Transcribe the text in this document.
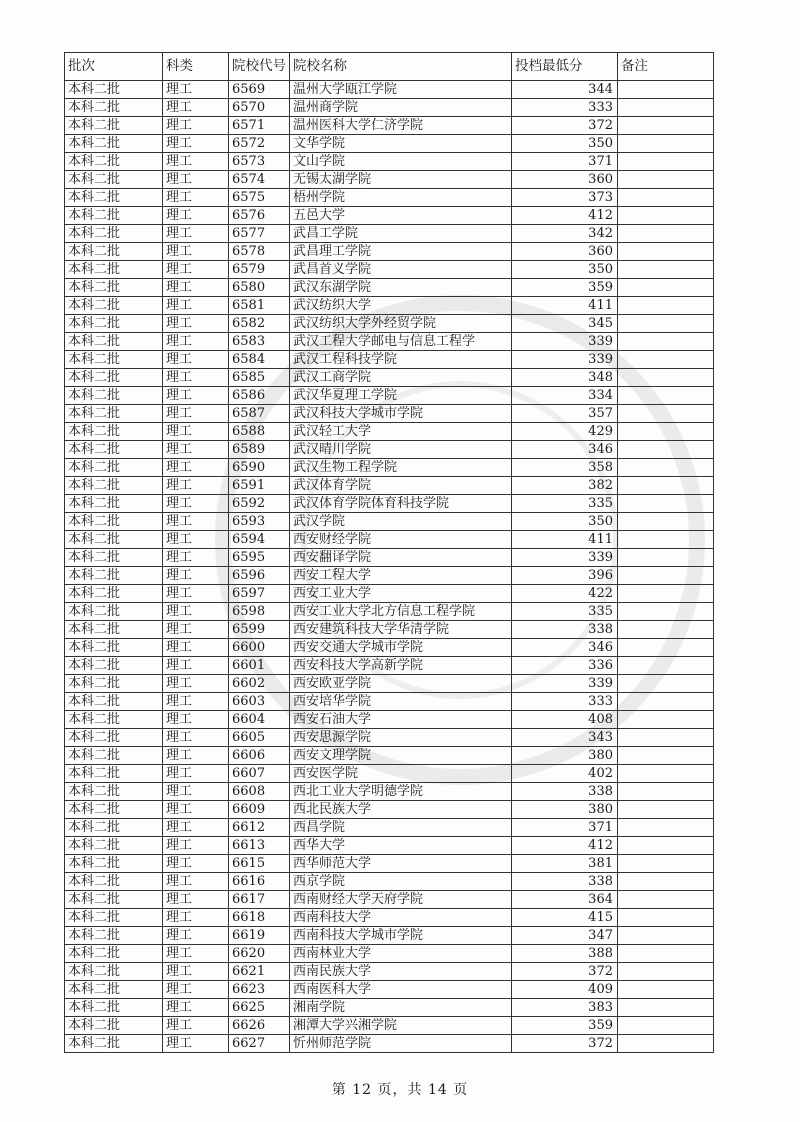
批次	科类	院校代号	院校名称	投档最低分	备注
本科二批	理工	6569	温州大学瓯江学院	344	
本科二批	理工	6570	温州商学院	333	
本科二批	理工	6571	温州医科大学仁济学院	372	
本科二批	理工	6572	文华学院	350	
本科二批	理工	6573	文山学院	371	
本科二批	理工	6574	无锡太湖学院	360	
本科二批	理工	6575	梧州学院	373	
本科二批	理工	6576	五邑大学	412	
本科二批	理工	6577	武昌工学院	342	
本科二批	理工	6578	武昌理工学院	360	
本科二批	理工	6579	武昌首义学院	350	
本科二批	理工	6580	武汉东湖学院	359	
本科二批	理工	6581	武汉纺织大学	411	
本科二批	理工	6582	武汉纺织大学外经贸学院	345	
本科二批	理工	6583	武汉工程大学邮电与信息工程学	339	
本科二批	理工	6584	武汉工程科技学院	339	
本科二批	理工	6585	武汉工商学院	348	
本科二批	理工	6586	武汉华夏理工学院	334	
本科二批	理工	6587	武汉科技大学城市学院	357	
本科二批	理工	6588	武汉轻工大学	429	
本科二批	理工	6589	武汉晴川学院	346	
本科二批	理工	6590	武汉生物工程学院	358	
本科二批	理工	6591	武汉体育学院	382	
本科二批	理工	6592	武汉体育学院体育科技学院	335	
本科二批	理工	6593	武汉学院	350	
本科二批	理工	6594	西安财经学院	411	
本科二批	理工	6595	西安翻译学院	339	
本科二批	理工	6596	西安工程大学	396	
本科二批	理工	6597	西安工业大学	422	
本科二批	理工	6598	西安工业大学北方信息工程学院	335	
本科二批	理工	6599	西安建筑科技大学华清学院	338	
本科二批	理工	6600	西安交通大学城市学院	346	
本科二批	理工	6601	西安科技大学高新学院	336	
本科二批	理工	6602	西安欧亚学院	339	
本科二批	理工	6603	西安培华学院	333	
本科二批	理工	6604	西安石油大学	408	
本科二批	理工	6605	西安思源学院	343	
本科二批	理工	6606	西安文理学院	380	
本科二批	理工	6607	西安医学院	402	
本科二批	理工	6608	西北工业大学明德学院	338	
本科二批	理工	6609	西北民族大学	380	
本科二批	理工	6612	西昌学院	371	
本科二批	理工	6613	西华大学	412	
本科二批	理工	6615	西华师范大学	381	
本科二批	理工	6616	西京学院	338	
本科二批	理工	6617	西南财经大学天府学院	364	
本科二批	理工	6618	西南科技大学	415	
本科二批	理工	6619	西南科技大学城市学院	347	
本科二批	理工	6620	西南林业大学	388	
本科二批	理工	6621	西南民族大学	372	
本科二批	理工	6623	西南医科大学	409	
本科二批	理工	6625	湘南学院	383	
本科二批	理工	6626	湘潭大学兴湘学院	359	
本科二批	理工	6627	忻州师范学院	372	
第 12 页，共 14 页
